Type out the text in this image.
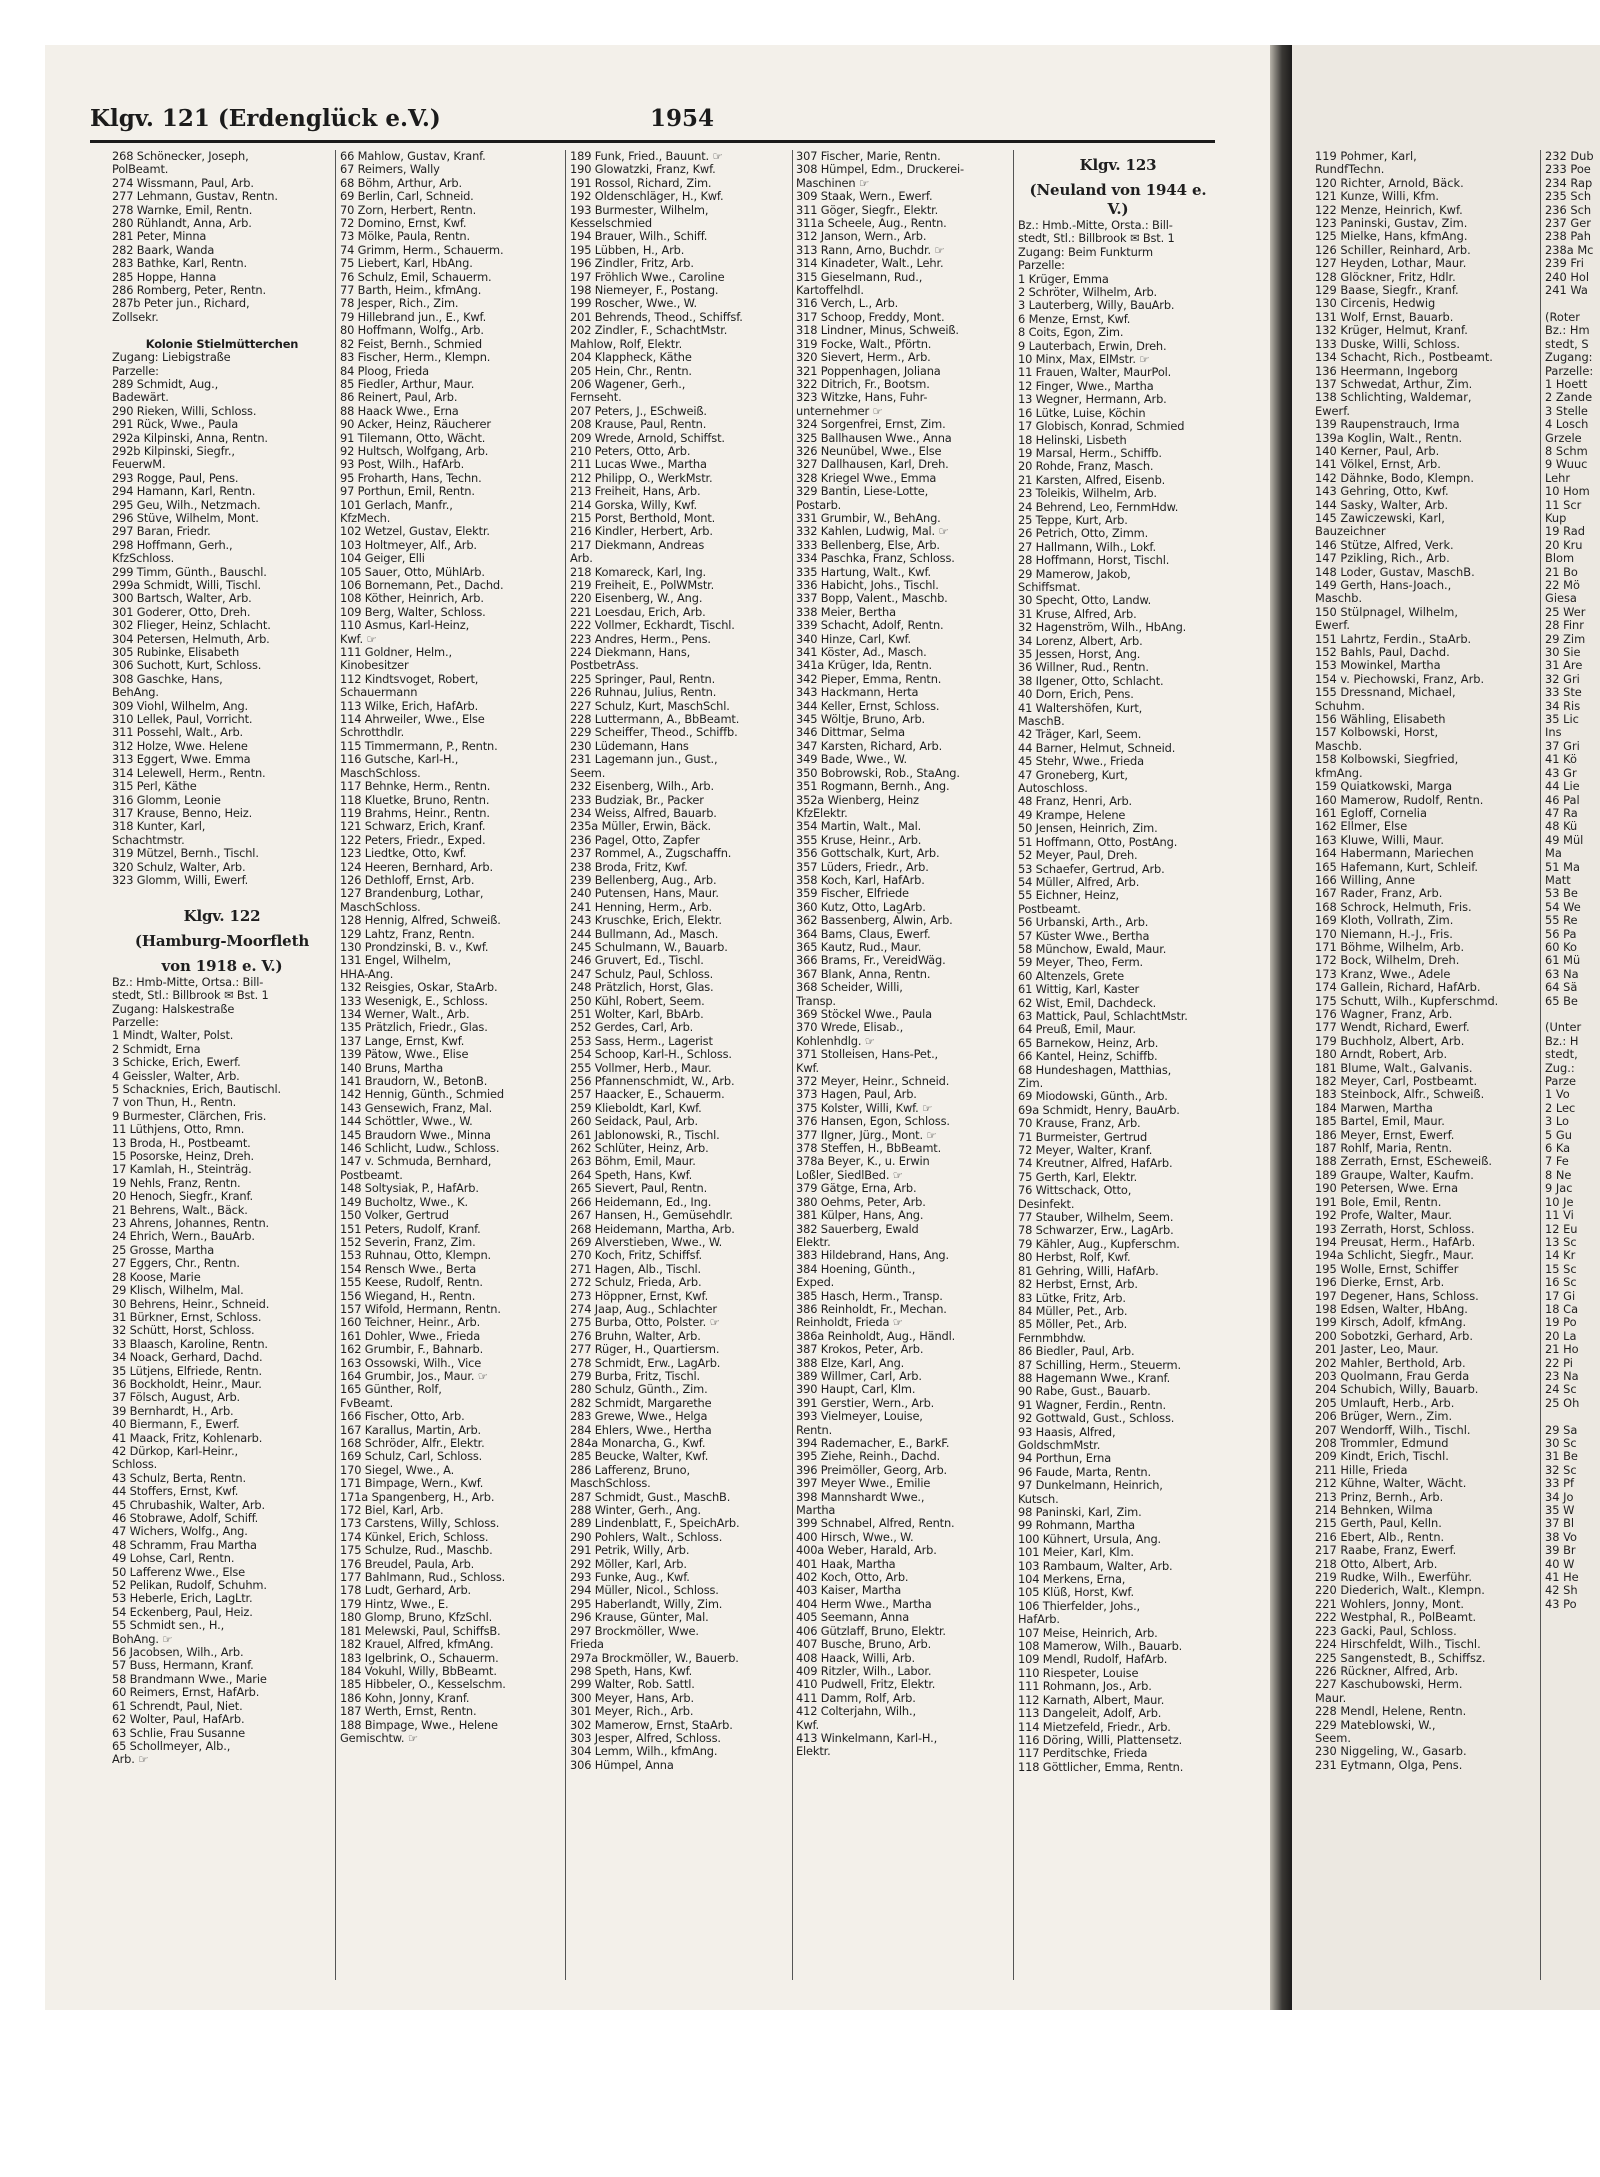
Klgv. 121 (Erdenglück e.V.)	1954
268 Schönecker, Joseph,
PolBeamt.
274 Wissmann, Paul, Arb.
277 Lehmann, Gustav, Rentn.
278 Warnke, Emil, Rentn.
280 Rühlandt, Anna, Arb.
281 Peter, Minna
282 Baark, Wanda
283 Bathke, Karl, Rentn.
285 Hoppe, Hanna
286 Romberg, Peter, Rentn.
287b Peter jun., Richard,
Zollsekr.

Kolonie Stielmütterchen
Zugang: Liebigstraße
Parzelle:
289 Schmidt, Aug.,
Badewärt.
290 Rieken, Willi, Schloss.
291 Rück, Wwe., Paula
292a Kilpinski, Anna, Rentn.
292b Kilpinski, Siegfr.,
FeuerwM.
293 Rogge, Paul, Pens.
294 Hamann, Karl, Rentn.
295 Geu, Wilh., Netzmach.
296 Stüve, Wilhelm, Mont.
297 Baran, Friedr.
298 Hoffmann, Gerh.,
KfzSchloss.
299 Timm, Günth., Bauschl.
299a Schmidt, Willi, Tischl.
300 Bartsch, Walter, Arb.
301 Goderer, Otto, Dreh.
302 Flieger, Heinz, Schlacht.
304 Petersen, Helmuth, Arb.
305 Rubinke, Elisabeth
306 Suchott, Kurt, Schloss.
308 Gaschke, Hans,
BehAng.
309 Viohl, Wilhelm, Ang.
310 Lellek, Paul, Vorricht.
311 Possehl, Walt., Arb.
312 Holze, Wwe. Helene
313 Eggert, Wwe. Emma
314 Lelewell, Herm., Rentn.
315 Perl, Käthe
316 Glomm, Leonie
317 Krause, Benno, Heiz.
318 Kunter, Karl,
Schachtmstr.
319 Mützel, Bernh., Tischl.
320 Schulz, Walter, Arb.
323 Glomm, Willi, Ewerf.

Klgv. 122
(Hamburg-Moorfleth
von 1918 e. V.)
Bz.: Hmb-Mitte, Ortsa.: Bill-
stedt, Stl.: Billbrook ✉ Bst. 1
Zugang: Halskestraße
Parzelle:
1 Mindt, Walter, Polst.
2 Schmidt, Erna
3 Schicke, Erich, Ewerf.
4 Geissler, Walter, Arb.
5 Schacknies, Erich, Bautischl.
7 von Thun, H., Rentn.
9 Burmester, Clärchen, Fris.
11 Lüthjens, Otto, Rmn.
13 Broda, H., Postbeamt.
15 Posorske, Heinz, Dreh.
17 Kamlah, H., Steinträg.
19 Nehls, Franz, Rentn.
20 Henoch, Siegfr., Kranf.
21 Behrens, Walt., Bäck.
23 Ahrens, Johannes, Rentn.
24 Ehrich, Wern., BauArb.
25 Grosse, Martha
27 Eggers, Chr., Rentn.
28 Koose, Marie
29 Klisch, Wilhelm, Mal.
30 Behrens, Heinr., Schneid.
31 Bürkner, Ernst, Schloss.
32 Schütt, Horst, Schloss.
33 Blaasch, Karoline, Rentn.
34 Noack, Gerhard, Dachd.
35 Lütjens, Elfriede, Rentn.
36 Bockholdt, Heinr., Maur.
37 Fölsch, August, Arb.
39 Bernhardt, H., Arb.
40 Biermann, F., Ewerf.
41 Maack, Fritz, Kohlenarb.
42 Dürkop, Karl-Heinr.,
Schloss.
43 Schulz, Berta, Rentn.
44 Stoffers, Ernst, Kwf.
45 Chrubashik, Walter, Arb.
46 Stobrawe, Adolf, Schiff.
47 Wichers, Wolfg., Ang.
48 Schramm, Frau Martha
49 Lohse, Carl, Rentn.
50 Lafferenz Wwe., Else
52 Pelikan, Rudolf, Schuhm.
53 Heberle, Erich, LagLtr.
54 Eckenberg, Paul, Heiz.
55 Schmidt sen., H.,
BohAng. ☞
56 Jacobsen, Wilh., Arb.
57 Buss, Hermann, Kranf.
58 Brandmann Wwe., Marie
60 Reimers, Ernst, HafArb.
61 Schrendt, Paul, Niet.
62 Wolter, Paul, HafArb.
63 Schlie, Frau Susanne
65 Schollmeyer, Alb.,
Arb. ☞
66 Mahlow, Gustav, Kranf.
67 Reimers, Wally
68 Böhm, Arthur, Arb.
69 Berlin, Carl, Schneid.
70 Zorn, Herbert, Rentn.
72 Domino, Ernst, Kwf.
73 Mölke, Paula, Rentn.
74 Grimm, Herm., Schauerm.
75 Liebert, Karl, HbAng.
76 Schulz, Emil, Schauerm.
77 Barth, Heim., kfmAng.
78 Jesper, Rich., Zim.
79 Hillebrand jun., E., Kwf.
80 Hoffmann, Wolfg., Arb.
82 Feist, Bernh., Schmied
83 Fischer, Herm., Klempn.
84 Ploog, Frieda
85 Fiedler, Arthur, Maur.
86 Reinert, Paul, Arb.
88 Haack Wwe., Erna
90 Acker, Heinz, Räucherer
91 Tilemann, Otto, Wächt.
92 Hultsch, Wolfgang, Arb.
93 Post, Wilh., HafArb.
95 Froharth, Hans, Techn.
97 Porthun, Emil, Rentn.
101 Gerlach, Manfr.,
KfzMech.
102 Wetzel, Gustav, Elektr.
103 Holtmeyer, Alf., Arb.
104 Geiger, Elli
105 Sauer, Otto, MühlArb.
106 Bornemann, Pet., Dachd.
108 Köther, Heinrich, Arb.
109 Berg, Walter, Schloss.
110 Asmus, Karl-Heinz,
Kwf. ☞
111 Goldner, Helm.,
Kinobesitzer
112 Kindtsvoget, Robert,
Schauermann
113 Wilke, Erich, HafArb.
114 Ahrweiler, Wwe., Else
Schrotthdlr.
115 Timmermann, P., Rentn.
116 Gutsche, Karl-H.,
MaschSchloss.
117 Behnke, Herm., Rentn.
118 Kluetke, Bruno, Rentn.
119 Brahms, Heinr., Rentn.
121 Schwarz, Erich, Kranf.
122 Peters, Friedr., Exped.
123 Liedtke, Otto, Kwf.
124 Heeren, Bernhard, Arb.
126 Dethloff, Ernst, Arb.
127 Brandenburg, Lothar,
MaschSchloss.
128 Hennig, Alfred, Schweiß.
129 Lahtz, Franz, Rentn.
130 Prondzinski, B. v., Kwf.
131 Engel, Wilhelm,
HHA-Ang.
132 Reisgies, Oskar, StaArb.
133 Wesenigk, E., Schloss.
134 Werner, Walt., Arb.
135 Prätzlich, Friedr., Glas.
137 Lange, Ernst, Kwf.
139 Pätow, Wwe., Elise
140 Bruns, Martha
141 Braudorn, W., BetonB.
142 Hennig, Günth., Schmied
143 Gensewich, Franz, Mal.
144 Schöttler, Wwe., W.
145 Braudorn Wwe., Minna
146 Schlicht, Ludw., Schloss.
147 v. Schmuda, Bernhard,
Postbeamt.
148 Soltysiak, P., HafArb.
149 Bucholtz, Wwe., K.
150 Volker, Gertrud
151 Peters, Rudolf, Kranf.
152 Severin, Franz, Zim.
153 Ruhnau, Otto, Klempn.
154 Rensch Wwe., Berta
155 Keese, Rudolf, Rentn.
156 Wiegand, H., Rentn.
157 Wifold, Hermann, Rentn.
160 Teichner, Heinr., Arb.
161 Dohler, Wwe., Frieda
162 Grumbir, F., Bahnarb.
163 Ossowski, Wilh., Vice
164 Grumbir, Jos., Maur. ☞
165 Günther, Rolf,
FvBeamt.
166 Fischer, Otto, Arb.
167 Karallus, Martin, Arb.
168 Schröder, Alfr., Elektr.
169 Schulz, Carl, Schloss.
170 Siegel, Wwe., A.
171 Bimpage, Wern., Kwf.
171a Spangenberg, H., Arb.
172 Biel, Karl, Arb.
173 Carstens, Willy, Schloss.
174 Künkel, Erich, Schloss.
175 Schulze, Rud., Maschb.
176 Breudel, Paula, Arb.
177 Bahlmann, Rud., Schloss.
178 Ludt, Gerhard, Arb.
179 Hintz, Wwe., E.
180 Glomp, Bruno, KfzSchl.
181 Melewski, Paul, SchiffsB.
182 Krauel, Alfred, kfmAng.
183 Igelbrink, O., Schauerm.
184 Vokuhl, Willy, BbBeamt.
185 Hibbeler, O., Kesselschm.
186 Kohn, Jonny, Kranf.
187 Werth, Ernst, Rentn.
188 Bimpage, Wwe., Helene
Gemischtw. ☞
189 Funk, Fried., Bauunt. ☞
190 Glowatzki, Franz, Kwf.
191 Rossol, Richard, Zim.
192 Oldenschläger, H., Kwf.
193 Burmester, Wilhelm,
Kesselschmied
194 Brauer, Wilh., Schiff.
195 Lübben, H., Arb.
196 Zindler, Fritz, Arb.
197 Fröhlich Wwe., Caroline
198 Niemeyer, F., Postang.
199 Roscher, Wwe., W.
201 Behrends, Theod., Schiffsf.
202 Zindler, F., SchachtMstr.
Mahlow, Rolf, Elektr.
204 Klappheck, Käthe
205 Hein, Chr., Rentn.
206 Wagener, Gerh.,
Fernseht.
207 Peters, J., ESchweiß.
208 Krause, Paul, Rentn.
209 Wrede, Arnold, Schiffst.
210 Peters, Otto, Arb.
211 Lucas Wwe., Martha
212 Philipp, O., WerkMstr.
213 Freiheit, Hans, Arb.
214 Gorska, Willy, Kwf.
215 Porst, Berthold, Mont.
216 Kindler, Herbert, Arb.
217 Diekmann, Andreas
Arb.
218 Komareck, Karl, Ing.
219 Freiheit, E., PolWMstr.
220 Eisenberg, W., Ang.
221 Loesdau, Erich, Arb.
222 Vollmer, Eckhardt, Tischl.
223 Andres, Herm., Pens.
224 Diekmann, Hans,
PostbetrAss.
225 Springer, Paul, Rentn.
226 Ruhnau, Julius, Rentn.
227 Schulz, Kurt, MaschSchl.
228 Luttermann, A., BbBeamt.
229 Scheiffer, Theod., Schiffb.
230 Lüdemann, Hans
231 Lagemann jun., Gust.,
Seem.
232 Eisenberg, Wilh., Arb.
233 Budziak, Br., Packer
234 Weiss, Alfred, Bauarb.
235a Müller, Erwin, Bäck.
236 Pagel, Otto, Zapfer
237 Rommel, A., Zugschaffn.
238 Broda, Fritz, Kwf.
239 Bellenberg, Aug., Arb.
240 Putensen, Hans, Maur.
241 Henning, Herm., Arb.
243 Kruschke, Erich, Elektr.
244 Bullmann, Ad., Masch.
245 Schulmann, W., Bauarb.
246 Gruvert, Ed., Tischl.
247 Schulz, Paul, Schloss.
248 Prätzlich, Horst, Glas.
250 Kühl, Robert, Seem.
251 Wolter, Karl, BbArb.
252 Gerdes, Carl, Arb.
253 Sass, Herm., Lagerist
254 Schoop, Karl-H., Schloss.
255 Vollmer, Herb., Maur.
256 Pfannenschmidt, W., Arb.
257 Haacker, E., Schauerm.
259 Klieboldt, Karl, Kwf.
260 Seidack, Paul, Arb.
261 Jablonowski, R., Tischl.
262 Schlüter, Heinz, Arb.
263 Böhm, Emil, Maur.
264 Speth, Hans, Kwf.
265 Sievert, Paul, Rentn.
266 Heidemann, Ed., Ing.
267 Hansen, H., Gemüsehdlr.
268 Heidemann, Martha, Arb.
269 Alverstieben, Wwe., W.
270 Koch, Fritz, Schiffsf.
271 Hagen, Alb., Tischl.
272 Schulz, Frieda, Arb.
273 Höppner, Ernst, Kwf.
274 Jaap, Aug., Schlachter
275 Burba, Otto, Polster. ☞
276 Bruhn, Walter, Arb.
277 Rüger, H., Quartiersm.
278 Schmidt, Erw., LagArb.
279 Burba, Fritz, Tischl.
280 Schulz, Günth., Zim.
282 Schmidt, Margarethe
283 Grewe, Wwe., Helga
284 Ehlers, Wwe., Hertha
284a Monarcha, G., Kwf.
285 Beucke, Walter, Kwf.
286 Lafferenz, Bruno,
MaschSchloss.
287 Schmidt, Gust., MaschB.
288 Winter, Gerh., Ang.
289 Lindenblatt, F., SpeichArb.
290 Pohlers, Walt., Schloss.
291 Petrik, Willy, Arb.
292 Möller, Karl, Arb.
293 Funke, Aug., Kwf.
294 Müller, Nicol., Schloss.
295 Haberlandt, Willy, Zim.
296 Krause, Günter, Mal.
297 Brockmöller, Wwe.
Frieda
297a Brockmöller, W., Bauerb.
298 Speth, Hans, Kwf.
299 Walter, Rob. Sattl.
300 Meyer, Hans, Arb.
301 Meyer, Rich., Arb.
302 Mamerow, Ernst, StaArb.
303 Jesper, Alfred, Schloss.
304 Lemm, Wilh., kfmAng.
306 Hümpel, Anna
307 Fischer, Marie, Rentn.
308 Hümpel, Edm., Druckerei-
Maschinen ☞
309 Staak, Wern., Ewerf.
311 Göger, Siegfr., Elektr.
311a Scheele, Aug., Rentn.
312 Janson, Wern., Arb.
313 Rann, Arno, Buchdr. ☞
314 Kinadeter, Walt., Lehr.
315 Gieselmann, Rud.,
Kartoffelhdl.
316 Verch, L., Arb.
317 Schoop, Freddy, Mont.
318 Lindner, Minus, Schweiß.
319 Focke, Walt., Pförtn.
320 Sievert, Herm., Arb.
321 Poppenhagen, Joliana
322 Ditrich, Fr., Bootsm.
323 Witzke, Hans, Fuhr-
unternehmer ☞
324 Sorgenfrei, Ernst, Zim.
325 Ballhausen Wwe., Anna
326 Neunübel, Wwe., Else
327 Dallhausen, Karl, Dreh.
328 Kriegel Wwe., Emma
329 Bantin, Liese-Lotte,
Postarb.
331 Grumbir, W., BehAng.
332 Kahlen, Ludwig, Mal. ☞
333 Bellenberg, Else, Arb.
334 Paschka, Franz, Schloss.
335 Hartung, Walt., Kwf.
336 Habicht, Johs., Tischl.
337 Bopp, Valent., Maschb.
338 Meier, Bertha
339 Schacht, Adolf, Rentn.
340 Hinze, Carl, Kwf.
341 Köster, Ad., Masch.
341a Krüger, Ida, Rentn.
342 Pieper, Emma, Rentn.
343 Hackmann, Herta
344 Keller, Ernst, Schloss.
345 Wöltje, Bruno, Arb.
346 Dittmar, Selma
347 Karsten, Richard, Arb.
349 Bade, Wwe., W.
350 Bobrowski, Rob., StaAng.
351 Rogmann, Bernh., Ang.
352a Wienberg, Heinz
KfzElektr.
354 Martin, Walt., Mal.
355 Kruse, Heinr., Arb.
356 Gottschalk, Kurt, Arb.
357 Lüders, Friedr., Arb.
358 Koch, Karl, HafArb.
359 Fischer, Elfriede
360 Kutz, Otto, LagArb.
362 Bassenberg, Alwin, Arb.
364 Bams, Claus, Ewerf.
365 Kautz, Rud., Maur.
366 Brams, Fr., VereidWäg.
367 Blank, Anna, Rentn.
368 Scheider, Willi,
Transp.
369 Stöckel Wwe., Paula
370 Wrede, Elisab.,
Kohlenhdlg. ☞
371 Stolleisen, Hans-Pet.,
Kwf.
372 Meyer, Heinr., Schneid.
373 Hagen, Paul, Arb.
375 Kolster, Willi, Kwf. ☞
376 Hansen, Egon, Schloss.
377 Ilgner, Jürg., Mont. ☞
378 Steffen, H., BbBeamt.
378a Beyer, K., u. Erwin
Loßler, SiedlBed. ☞
379 Gätge, Erna, Arb.
380 Oehms, Peter, Arb.
381 Külper, Hans, Ang.
382 Sauerberg, Ewald
Elektr.
383 Hildebrand, Hans, Ang.
384 Hoening, Günth.,
Exped.
385 Hasch, Herm., Transp.
386 Reinholdt, Fr., Mechan.
Reinholdt, Frieda ☞
386a Reinholdt, Aug., Händl.
387 Krokos, Peter, Arb.
388 Elze, Karl, Ang.
389 Willmer, Carl, Arb.
390 Haupt, Carl, Klm.
391 Gerstier, Wern., Arb.
393 Vielmeyer, Louise,
Rentn.
394 Rademacher, E., BarkF.
395 Ziehe, Reinh., Dachd.
396 Preimöller, Georg, Arb.
397 Meyer Wwe., Emilie
398 Mannshardt Wwe.,
Martha
399 Schnabel, Alfred, Rentn.
400 Hirsch, Wwe., W.
400a Weber, Harald, Arb.
401 Haak, Martha
402 Koch, Otto, Arb.
403 Kaiser, Martha
404 Herm Wwe., Martha
405 Seemann, Anna
406 Gützlaff, Bruno, Elektr.
407 Busche, Bruno, Arb.
408 Haack, Willi, Arb.
409 Ritzler, Wilh., Labor.
410 Pudwell, Fritz, Elektr.
411 Damm, Rolf, Arb.
412 Colterjahn, Wilh.,
Kwf.
413 Winkelmann, Karl-H.,
Elektr.
Klgv. 123
(Neuland von 1944 e. V.)
Bz.: Hmb.-Mitte, Orsta.: Bill-
stedt, Stl.: Billbrook ✉ Bst. 1
Zugang: Beim Funkturm
Parzelle:
1 Krüger, Emma
2 Schröter, Wilhelm, Arb.
3 Lauterberg, Willy, BauArb.
6 Menze, Ernst, Kwf.
8 Coits, Egon, Zim.
9 Lauterbach, Erwin, Dreh.
10 Minx, Max, ElMstr. ☞
11 Frauen, Walter, MaurPol.
12 Finger, Wwe., Martha
13 Wegner, Hermann, Arb.
16 Lütke, Luise, Köchin
17 Globisch, Konrad, Schmied
18 Helinski, Lisbeth
19 Marsal, Herm., Schiffb.
20 Rohde, Franz, Masch.
21 Karsten, Alfred, Eisenb.
23 Toleikis, Wilhelm, Arb.
24 Behrend, Leo, FernmHdw.
25 Teppe, Kurt, Arb.
26 Petrich, Otto, Zimm.
27 Hallmann, Wilh., Lokf.
28 Hoffmann, Horst, Tischl.
29 Mamerow, Jakob,
Schiffsmat.
30 Specht, Otto, Landw.
31 Kruse, Alfred, Arb.
32 Hagenström, Wilh., HbAng.
34 Lorenz, Albert, Arb.
35 Jessen, Horst, Ang.
36 Willner, Rud., Rentn.
38 Ilgener, Otto, Schlacht.
40 Dorn, Erich, Pens.
41 Waltershöfen, Kurt,
MaschB.
42 Träger, Karl, Seem.
44 Barner, Helmut, Schneid.
45 Stehr, Wwe., Frieda
47 Groneberg, Kurt,
Autoschloss.
48 Franz, Henri, Arb.
49 Krampe, Helene
50 Jensen, Heinrich, Zim.
51 Hoffmann, Otto, PostAng.
52 Meyer, Paul, Dreh.
53 Schaefer, Gertrud, Arb.
54 Müller, Alfred, Arb.
55 Eichner, Heinz,
Postbeamt.
56 Urbanski, Arth., Arb.
57 Küster Wwe., Bertha
58 Münchow, Ewald, Maur.
59 Meyer, Theo, Ferm.
60 Altenzels, Grete
61 Wittig, Karl, Kaster
62 Wist, Emil, Dachdeck.
63 Mattick, Paul, SchlachtMstr.
64 Preuß, Emil, Maur.
65 Barnekow, Heinz, Arb.
66 Kantel, Heinz, Schiffb.
68 Hundeshagen, Matthias,
Zim.
69 Miodowski, Günth., Arb.
69a Schmidt, Henry, BauArb.
70 Krause, Franz, Arb.
71 Burmeister, Gertrud
72 Meyer, Walter, Kranf.
74 Kreutner, Alfred, HafArb.
75 Gerth, Karl, Elektr.
76 Wittschack, Otto,
Desinfekt.
77 Stauber, Wilhelm, Seem.
78 Schwarzer, Erw., LagArb.
79 Kähler, Aug., Kupferschm.
80 Herbst, Rolf, Kwf.
81 Gehring, Willi, HafArb.
82 Herbst, Ernst, Arb.
83 Lütke, Fritz, Arb.
84 Müller, Pet., Arb.
85 Möller, Pet., Arb.
Fernmbhdw.
86 Biedler, Paul, Arb.
87 Schilling, Herm., Steuerm.
88 Hagemann Wwe., Kranf.
90 Rabe, Gust., Bauarb.
91 Wagner, Ferdin., Rentn.
92 Gottwald, Gust., Schloss.
93 Haasis, Alfred,
GoldschmMstr.
94 Porthun, Erna
96 Faude, Marta, Rentn.
97 Dunkelmann, Heinrich,
Kutsch.
98 Paninski, Karl, Zim.
99 Rohmann, Martha
100 Kühnert, Ursula, Ang.
101 Meier, Karl, Klm.
103 Rambaum, Walter, Arb.
104 Merkens, Erna,
105 Klüß, Horst, Kwf.
106 Thierfelder, Johs.,
HafArb.
107 Meise, Heinrich, Arb.
108 Mamerow, Wilh., Bauarb.
109 Mendl, Rudolf, HafArb.
110 Riespeter, Louise
111 Rohmann, Jos., Arb.
112 Karnath, Albert, Maur.
113 Dangeleit, Adolf, Arb.
114 Mietzefeld, Friedr., Arb.
116 Döring, Willi, Plattensetz.
117 Perditschke, Frieda
118 Göttlicher, Emma, Rentn.
119 Pohmer, Karl,
RundfTechn.
120 Richter, Arnold, Bäck.
121 Kunze, Willi, Kfm.
122 Menze, Heinrich, Kwf.
123 Paninski, Gustav, Zim.
125 Mielke, Hans, kfmAng.
126 Schiller, Reinhard, Arb.
127 Heyden, Lothar, Maur.
128 Glöckner, Fritz, Hdlr.
129 Baase, Siegfr., Kranf.
130 Circenis, Hedwig
131 Wolf, Ernst, Bauarb.
132 Krüger, Helmut, Kranf.
133 Duske, Willi, Schloss.
134 Schacht, Rich., Postbeamt.
136 Heermann, Ingeborg
137 Schwedat, Arthur, Zim.
138 Schlichting, Waldemar,
Ewerf.
139 Raupenstrauch, Irma
139a Koglin, Walt., Rentn.
140 Kerner, Paul, Arb.
141 Völkel, Ernst, Arb.
142 Dähnke, Bodo, Klempn.
143 Gehring, Otto, Kwf.
144 Sasky, Walter, Arb.
145 Zawiczewski, Karl,
Bauzeichner
146 Stütze, Alfred, Verk.
147 Pzikling, Rich., Arb.
148 Loder, Gustav, MaschB.
149 Gerth, Hans-Joach.,
Maschb.
150 Stülpnagel, Wilhelm,
Ewerf.
151 Lahrtz, Ferdin., StaArb.
152 Bahls, Paul, Dachd.
153 Mowinkel, Martha
154 v. Piechowski, Franz, Arb.
155 Dressnand, Michael,
Schuhm.
156 Wähling, Elisabeth
157 Kolbowski, Horst,
Maschb.
158 Kolbowski, Siegfried,
kfmAng.
159 Quiatkowski, Marga
160 Mamerow, Rudolf, Rentn.
161 Egloff, Cornelia
162 Ellmer, Else
163 Kluwe, Willi, Maur.
164 Habermann, Mariechen
165 Hafemann, Kurt, Schleif.
166 Willing, Anne
167 Rader, Franz, Arb.
168 Schrock, Helmuth, Fris.
169 Kloth, Vollrath, Zim.
170 Niemann, H.-J., Fris.
171 Böhme, Wilhelm, Arb.
172 Bock, Wilhelm, Dreh.
173 Kranz, Wwe., Adele
174 Gallein, Richard, HafArb.
175 Schutt, Wilh., Kupferschmd.
176 Wagner, Franz, Arb.
177 Wendt, Richard, Ewerf.
179 Buchholz, Albert, Arb.
180 Arndt, Robert, Arb.
181 Blume, Walt., Galvanis.
182 Meyer, Carl, Postbeamt.
183 Steinbock, Alfr., Schweiß.
184 Marwen, Martha
185 Bartel, Emil, Maur.
186 Meyer, Ernst, Ewerf.
187 Rohlf, Maria, Rentn.
188 Zerrath, Ernst, EScheweiß.
189 Graupe, Walter, Kaufm.
190 Petersen, Wwe. Erna
191 Bole, Emil, Rentn.
192 Profe, Walter, Maur.
193 Zerrath, Horst, Schloss.
194 Preusat, Herm., HafArb.
194a Schlicht, Siegfr., Maur.
195 Wolle, Ernst, Schiffer
196 Dierke, Ernst, Arb.
197 Degener, Hans, Schloss.
198 Edsen, Walter, HbAng.
199 Kirsch, Adolf, kfmAng.
200 Sobotzki, Gerhard, Arb.
201 Jaster, Leo, Maur.
202 Mahler, Berthold, Arb.
203 Quolmann, Frau Gerda
204 Schubich, Willy, Bauarb.
205 Umlauft, Herb., Arb.
206 Brüger, Wern., Zim.
207 Wendorff, Wilh., Tischl.
208 Trommler, Edmund
209 Kindt, Erich, Tischl.
211 Hille, Frieda
212 Kühne, Walter, Wächt.
213 Prinz, Bernh., Arb.
214 Behnken, Wilma
215 Gerth, Paul, Kelln.
216 Ebert, Alb., Rentn.
217 Raabe, Franz, Ewerf.
218 Otto, Albert, Arb.
219 Rudke, Wilh., Ewerführ.
220 Diederich, Walt., Klempn.
221 Wohlers, Jonny, Mont.
222 Westphal, R., PolBeamt.
223 Gacki, Paul, Schloss.
224 Hirschfeldt, Wilh., Tischl.
225 Sangenstedt, B., Schiffsz.
226 Rückner, Alfred, Arb.
227 Kaschubowski, Herm.
Maur.
228 Mendl, Helene, Rentn.
229 Mateblowski, W.,
Seem.
230 Niggeling, W., Gasarb.
231 Eytmann, Olga, Pens.
232 Dub
233 Poe
234 Rap
235 Sch
236 Sch
237 Ger
238 Pah
238a Mc
239 Fri
240 Hol
241 Wa

(Roter
Bz.: Hm
stedt, S
Zugang:
Parzelle:
1 Hoett
2 Zande
3 Stelle
4 Losch
Grzele
8 Schm
9 Wuuc
Lehr
10 Hom
11 Scr
Kup
19 Rad
20 Kru
Blom
21 Bo
22 Mö
Giesa
25 Wer
28 Finr
29 Zim
30 Sie
31 Are
32 Gri
33 Ste
34 Ris
35 Lic
Ins
37 Gri
41 Kö
43 Gr
44 Lie
46 Pal
47 Ra
48 Kü
49 Mül
Ma
51 Ma
Matt
53 Be
54 We
55 Re
56 Pa
60 Ko
61 Mü
63 Na
64 Sä
65 Be

(Unter
Bz.: H
stedt,
Zug.:
Parze
1 Vo
2 Lec
3 Lo
5 Gu
6 Ka
7 Fe
8 Ne
9 Jac
10 Je
11 Vi
12 Eu
13 Sc
14 Kr
15 Sc
16 Sc
17 Gi
18 Ca
19 Po
20 La
21 Ho
22 Pi
23 Na
24 Sc
25 Oh

29 Sa
30 Sc
31 Be
32 Sc
33 Pf
34 Jo
35 W
37 Bl
38 Vo
39 Br
40 W
41 He
42 Sh
43 Po
